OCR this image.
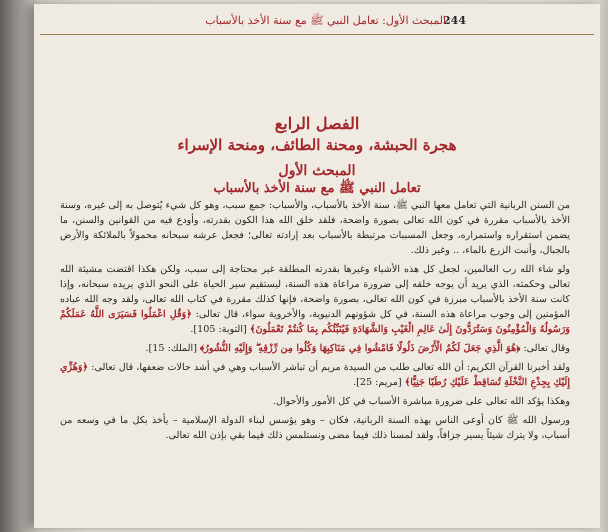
244
المبحث الأول: تعامل النبي ﷺ مع سنة الأخذ بالأسباب
الفصل الرابع
هجرة الحبشة، ومحنة الطائف، ومنحة الإسراء
المبحث الأول
تعامل النبي ﷺ مع سنة الأخذ بالأسباب

من السنن الربانية التي تعامل معها النبي ﷺ، سنة الأخذ بالأسباب، والأسباب: جمع سبب، وهو كل شيء يُتوصل به إلى غيره، وسنة الأخذ بالأسباب مقررة في كون الله تعالى بصورة واضحة، فلقد خلق الله هذا الكون بقدرته، وأودع فيه من القوانين والسنن، ما يضمن استقراره واستمراره، وجعل المسببات مرتبطة بالأسباب بعد إرادته تعالى؛ فجعل عرشه سبحانه محمولاً بالملائكة والأرض بالجبال، وأنبت الزرع بالماء، .. وغير ذلك.

ولو شاء الله رب العالمين، لجعل كل هذه الأشياء وغيرها بقدرته المطلقة غير محتاجة إلى سبب، ولكن هكذا اقتضت مشيئة الله تعالى وحكمته، الذي يريد أن يوجه خلقه إلى ضرورة مراعاة هذه السنة، ليستقيم سير الحياة على النحو الذي يريده سبحانه، وإذا كانت سنة الأخذ بالأسباب مبرزة في كون الله تعالى، بصورة واضحة، فإنها كذلك مقررة في كتاب الله تعالى، ولقد وجه الله عباده المؤمنين إلى وجوب مراعاة هذه السنة، في كل شؤونهم الدنيوية، والأخروية سواء، قال تعالى: ﴿وَقُلِ اعْمَلُوا فَسَيَرَى اللَّهُ عَمَلَكُمْ وَرَسُولُهُ وَالْمُؤْمِنُونَ وَسَتُرَدُّونَ إِلَىٰ عَالِمِ الْغَيْبِ وَالشَّهَادَةِ فَيُنَبِّئُكُم بِمَا كُنتُمْ تَعْمَلُونَ﴾ [التوبة: 105].

وقال تعالى: ﴿هُوَ الَّذِي جَعَلَ لَكُمُ الْأَرْضَ ذَلُولًا فَامْشُوا فِي مَنَاكِبِهَا وَكُلُوا مِن رِّزْقِهِ ۖ وَإِلَيْهِ النُّشُورُ﴾ [الملك: 15].

ولقد أخبرنا القرآن الكريم: أن الله تعالى طلب من السيدة مريم أن تباشر الأسباب وهي في أشد حالات ضعفها، قال تعالى: ﴿وَهُزِّي إِلَيْكِ بِجِذْعِ النَّخْلَةِ تُسَاقِطْ عَلَيْكِ رُطَبًا جَنِيًّا﴾ [مريم: 25].

وهكذا يؤكد الله تعالى على ضرورة مباشرة الأسباب في كل الأمور والأحوال.

ورسول الله ﷺ كان أوعى الناس بهذه السنة الربانية، فكان – وهو يؤسس لبناء الدولة الإسلامية – يأخذ بكل ما في وسعه من أسباب، ولا يترك شيئاً يسير جزافاً، ولقد لمسنا ذلك فيما مضى ونستلمس ذلك فيما بقي بإذن الله تعالى.
